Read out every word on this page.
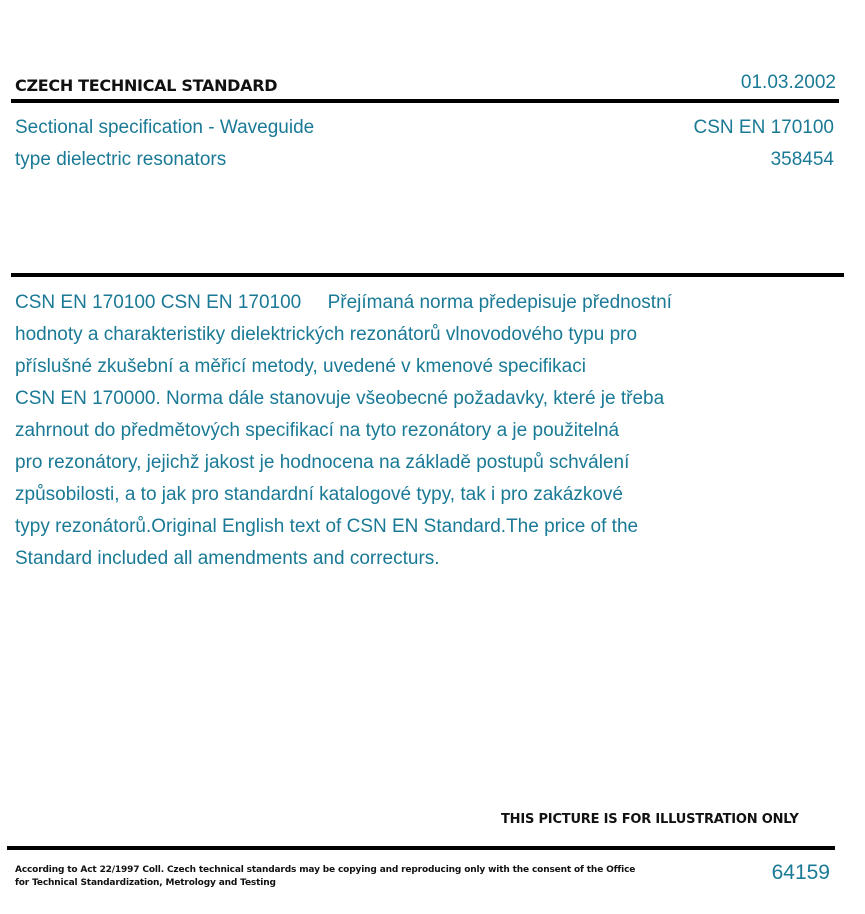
CZECH TECHNICAL STANDARD	01.03.2002
Sectional specification - Waveguide
type dielectric resonators
CSN EN 170100
358454
CSN EN 170100 CSN EN 170100     Přejímaná norma předepisuje přednostní
hodnoty a charakteristiky dielektrických rezonátorů vlnovodového typu pro
příslušné zkušební a měřicí metody, uvedené v kmenové specifikaci
CSN EN 170000. Norma dále stanovuje všeobecné požadavky, které je třeba
zahrnout do předmětových specifikací na tyto rezonátory a je použitelná
pro rezonátory, jejichž jakost je hodnocena na základě postupů schválení
způsobilosti, a to jak pro standardní katalogové typy, tak i pro zakázkové
typy rezonátorů.Original English text of CSN EN Standard.The price of the
Standard included all amendments and correcturs.
THIS PICTURE IS FOR ILLUSTRATION ONLY
According to Act 22/1997 Coll. Czech technical standards may be copying and reproducing only with the consent of the Office
for Technical Standardization, Metrology and Testing	64159
